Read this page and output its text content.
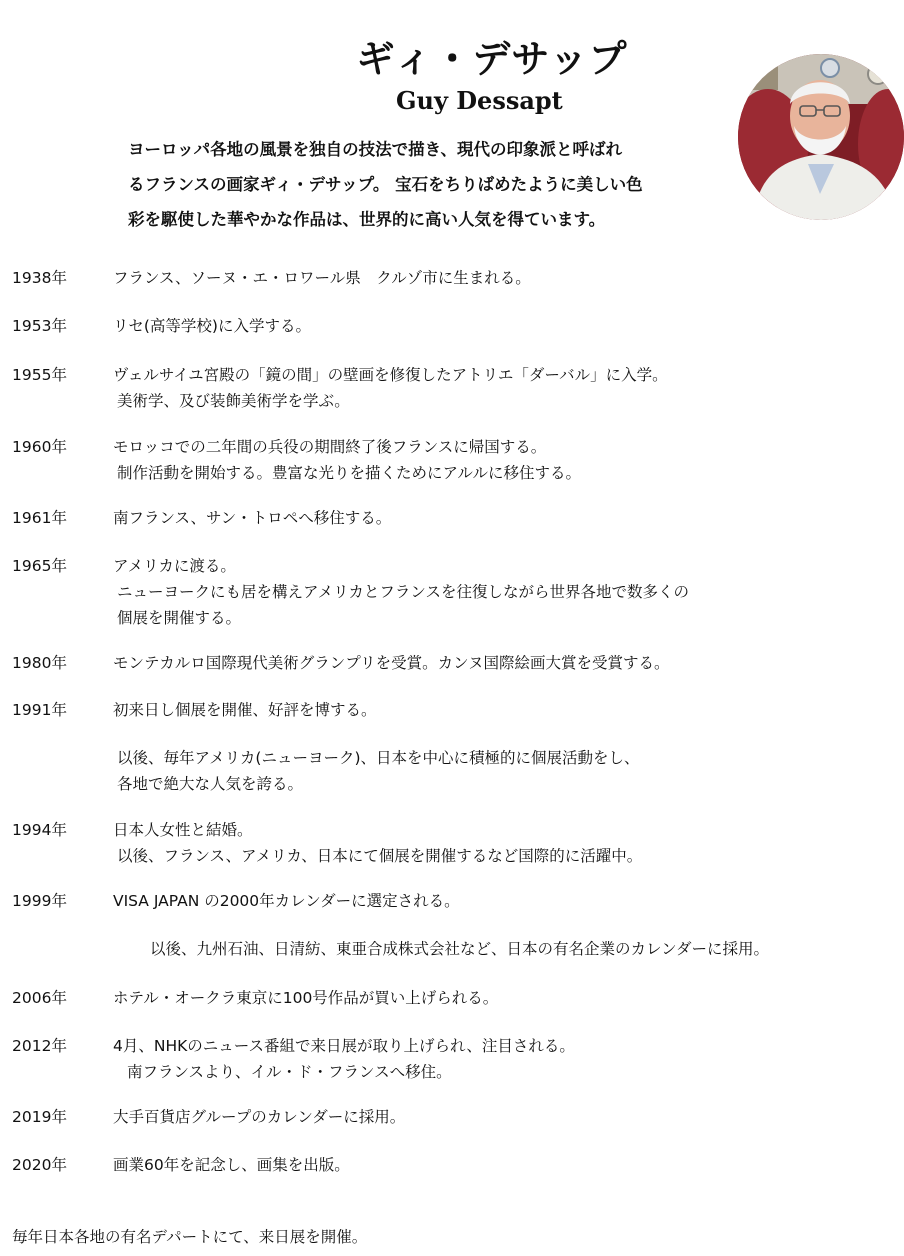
ギィ・デサップ
Guy Dessapt
ヨーロッパ各地の風景を独自の技法で描き、現代の印象派と呼ばれ
るフランスの画家ギィ・デサップ。 宝石をちりばめたように美しい色
彩を駆使した華やかな作品は、世界的に高い人気を得ています。
1938年	フランス、ソーヌ・エ・ロワール県　クルゾ市に生まれる。
1953年	リセ(高等学校)に入学する。
1955年	ヴェルサイユ宮殿の「鏡の間」の壁画を修復したアトリエ「ダーバル」に入学。
美術学、及び装飾美術学を学ぶ。
1960年	モロッコでの二年間の兵役の期間終了後フランスに帰国する。
制作活動を開始する。豊富な光りを描くためにアルルに移住する。
1961年	南フランス、サン・トロペへ移住する。
1965年	アメリカに渡る。
ニューヨークにも居を構えアメリカとフランスを往復しながら世界各地で数多くの
個展を開催する。
1980年	モンテカルロ国際現代美術グランプリを受賞。カンヌ国際絵画大賞を受賞する。
1991年	初来日し個展を開催、好評を博する。
以後、毎年アメリカ(ニューヨーク)、日本を中心に積極的に個展活動をし、
各地で絶大な人気を誇る。
1994年	日本人女性と結婚。
以後、フランス、アメリカ、日本にて個展を開催するなど国際的に活躍中。
1999年	VISA JAPAN の2000年カレンダーに選定される。
以後、九州石油、日清紡、東亜合成株式会社など、日本の有名企業のカレンダーに採用。
2006年	ホテル・オークラ東京に100号作品が買い上げられる。
2012年	4月、NHKのニュース番組で来日展が取り上げられ、注目される。
南フランスより、イル・ド・フランスへ移住。
2019年	大手百貨店グループのカレンダーに採用。
2020年	画業60年を記念し、画集を出版。
毎年日本各地の有名デパートにて、来日展を開催。
